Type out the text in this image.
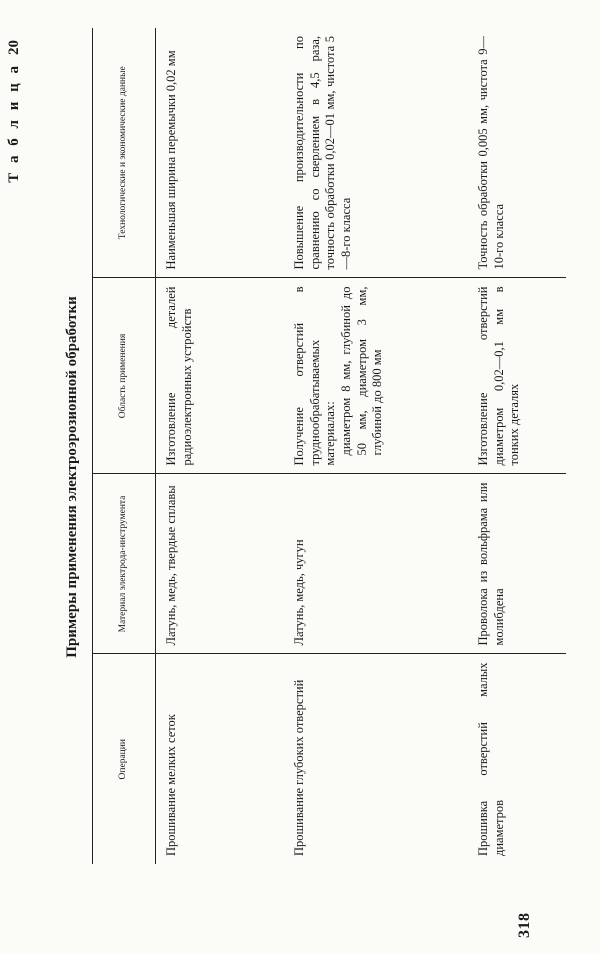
Т а б л и ц а20
Примеры применения электроэрозионной обработки
Операции	Материал электрода-инструмента	Область применения	Технологические и экономические данные
Прошивание мелких сеток	Латунь, медь, твердые сплавы	Изготовление деталей радиоэлектронных устройств	Наименьшая ширина перемычки 0,02 мм
Прошивание глубоких отверстий	Латунь, медь, чугун	Получение отверстий в труднообрабатываемых материалах: диаметром 8 мм, глубиной до 50 мм, диаметром 3 мм, глубиной до 800 мм	Повышение производительности по сравнению со сверлением в 4,5 раза, точность обработки 0,02—01 мм, чистота 5—8-го класса
Прошивка отверстий малых диаметров	Проволока из вольфрама или молибдена	Изготовление отверстий диаметром 0,02—0,1 мм в тонких деталях	Точность обработки 0,005 мм, чистота 9—10-го класса
318
